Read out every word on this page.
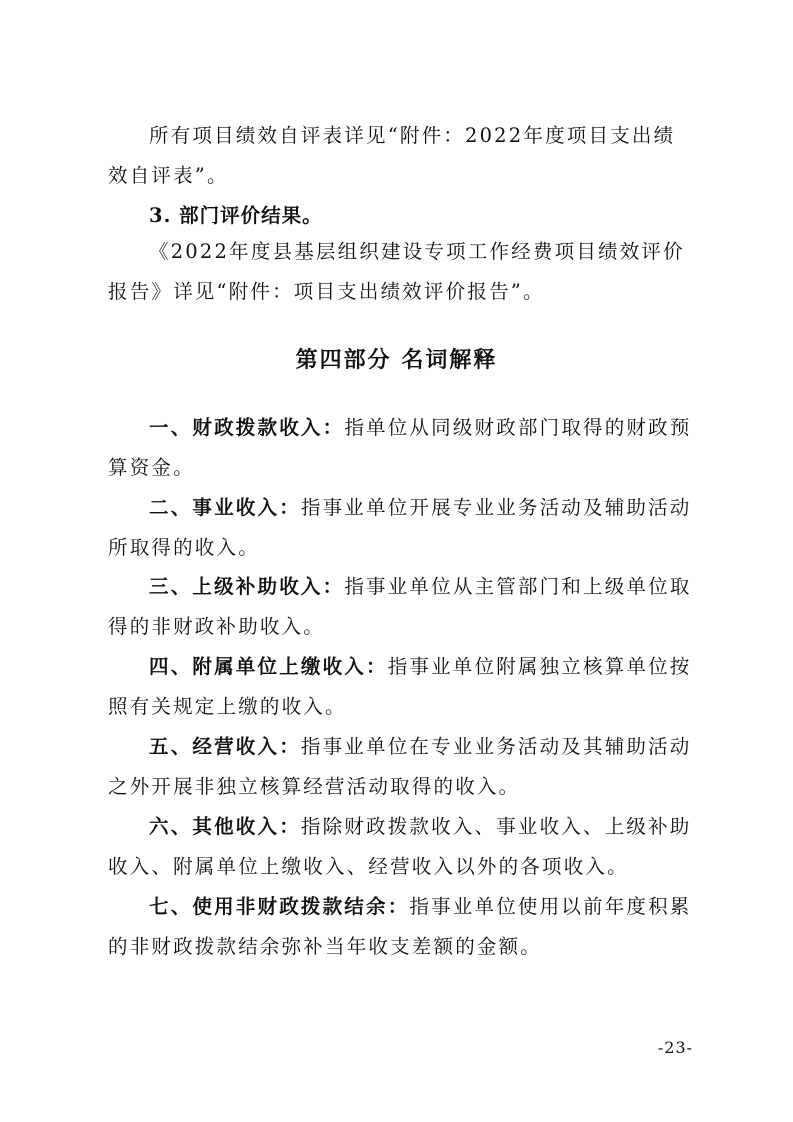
所有项目绩效自评表详见“附件：2022年度项目支出绩效自评表”。

3. 部门评价结果。

《2022年度县基层组织建设专项工作经费项目绩效评价报告》详见“附件：项目支出绩效评价报告”。

第四部分 名词解释

一、财政拨款收入：指单位从同级财政部门取得的财政预算资金。

二、事业收入：指事业单位开展专业业务活动及辅助活动所取得的收入。

三、上级补助收入：指事业单位从主管部门和上级单位取得的非财政补助收入。

四、附属单位上缴收入：指事业单位附属独立核算单位按照有关规定上缴的收入。

五、经营收入：指事业单位在专业业务活动及其辅助活动之外开展非独立核算经营活动取得的收入。

六、其他收入：指除财政拨款收入、事业收入、上级补助收入、附属单位上缴收入、经营收入以外的各项收入。

七、使用非财政拨款结余：指事业单位使用以前年度积累的非财政拨款结余弥补当年收支差额的金额。

-23-
